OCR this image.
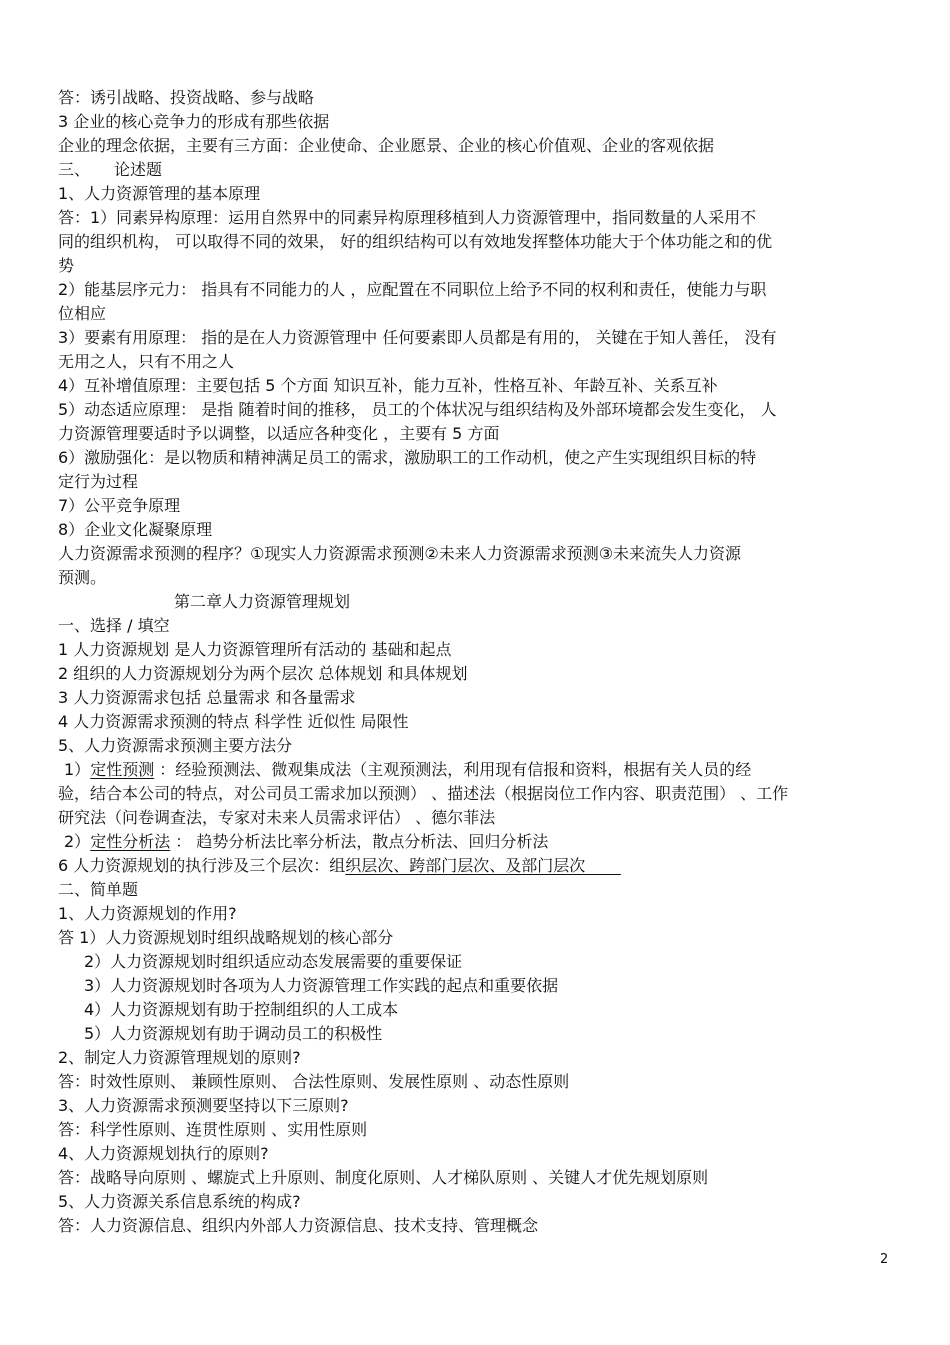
答：诱引战略、投资战略、参与战略
3 企业的核心竞争力的形成有那些依据
企业的理念依据，主要有三方面：企业使命、企业愿景、企业的核心价值观、企业的客观依据
三、　　论述题
1、人力资源管理的基本原理
答：1）同素异构原理：运用自然界中的同素异构原理移植到人力资源管理中，指同数量的人采用不
同的组织机构， 可以取得不同的效果， 好的组织结构可以有效地发挥整体功能大于个体功能之和的优
势
2）能基层序元力： 指具有不同能力的人 ，应配置在不同职位上给予不同的权利和责任，使能力与职
位相应
3）要素有用原理： 指的是在人力资源管理中 任何要素即人员都是有用的， 关键在于知人善任， 没有
无用之人，只有不用之人
4）互补增值原理：主要包括 5 个方面 知识互补，能力互补，性格互补、年龄互补、关系互补
5）动态适应原理： 是指 随着时间的推移， 员工的个体状况与组织结构及外部环境都会发生变化， 人
力资源管理要适时予以调整，以适应各种变化 ，主要有 5 方面
6）激励强化：是以物质和精神满足员工的需求，激励职工的工作动机，使之产生实现组织目标的特
定行为过程
7）公平竞争原理
8）企业文化凝聚原理
人力资源需求预测的程序？①现实人力资源需求预测②未来人力资源需求预测③未来流失人力资源
预测。
第二章人力资源管理规划
一、选择 / 填空
1 人力资源规划 是人力资源管理所有活动的 基础和起点
2 组织的人力资源规划分为两个层次 总体规划 和具体规划
3 人力资源需求包括 总量需求 和各量需求
4 人力资源需求预测的特点 科学性 近似性 局限性
5、人力资源需求预测主要方法分
1）定性预测 ：经验预测法、微观集成法（主观预测法，利用现有信报和资料，根据有关人员的经
验，结合本公司的特点，对公司员工需求加以预测） 、描述法（根据岗位工作内容、职责范围） 、工作
研究法（问卷调查法，专家对未来人员需求评估） 、德尔菲法
2）定性分析法 ： 趋势分析法比率分析法，散点分析法、回归分析法
6 人力资源规划的执行涉及三个层次：组织层次、跨部门层次、及部门层次
二、简单题
1、人力资源规划的作用?
答 1）人力资源规划时组织战略规划的核心部分
2）人力资源规划时组织适应动态发展需要的重要保证
3）人力资源规划时各项为人力资源管理工作实践的起点和重要依据
4）人力资源规划有助于控制组织的人工成本
5）人力资源规划有助于调动员工的积极性
2、制定人力资源管理规划的原则?
答：时效性原则、 兼顾性原则、 合法性原则、发展性原则 、动态性原则
3、人力资源需求预测要坚持以下三原则?
答：科学性原则、连贯性原则 、实用性原则
4、人力资源规划执行的原则?
答：战略导向原则 、螺旋式上升原则、制度化原则、人才梯队原则 、关键人才优先规划原则
5、人力资源关系信息系统的构成?
答：人力资源信息、组织内外部人力资源信息、技术支持、管理概念
2
